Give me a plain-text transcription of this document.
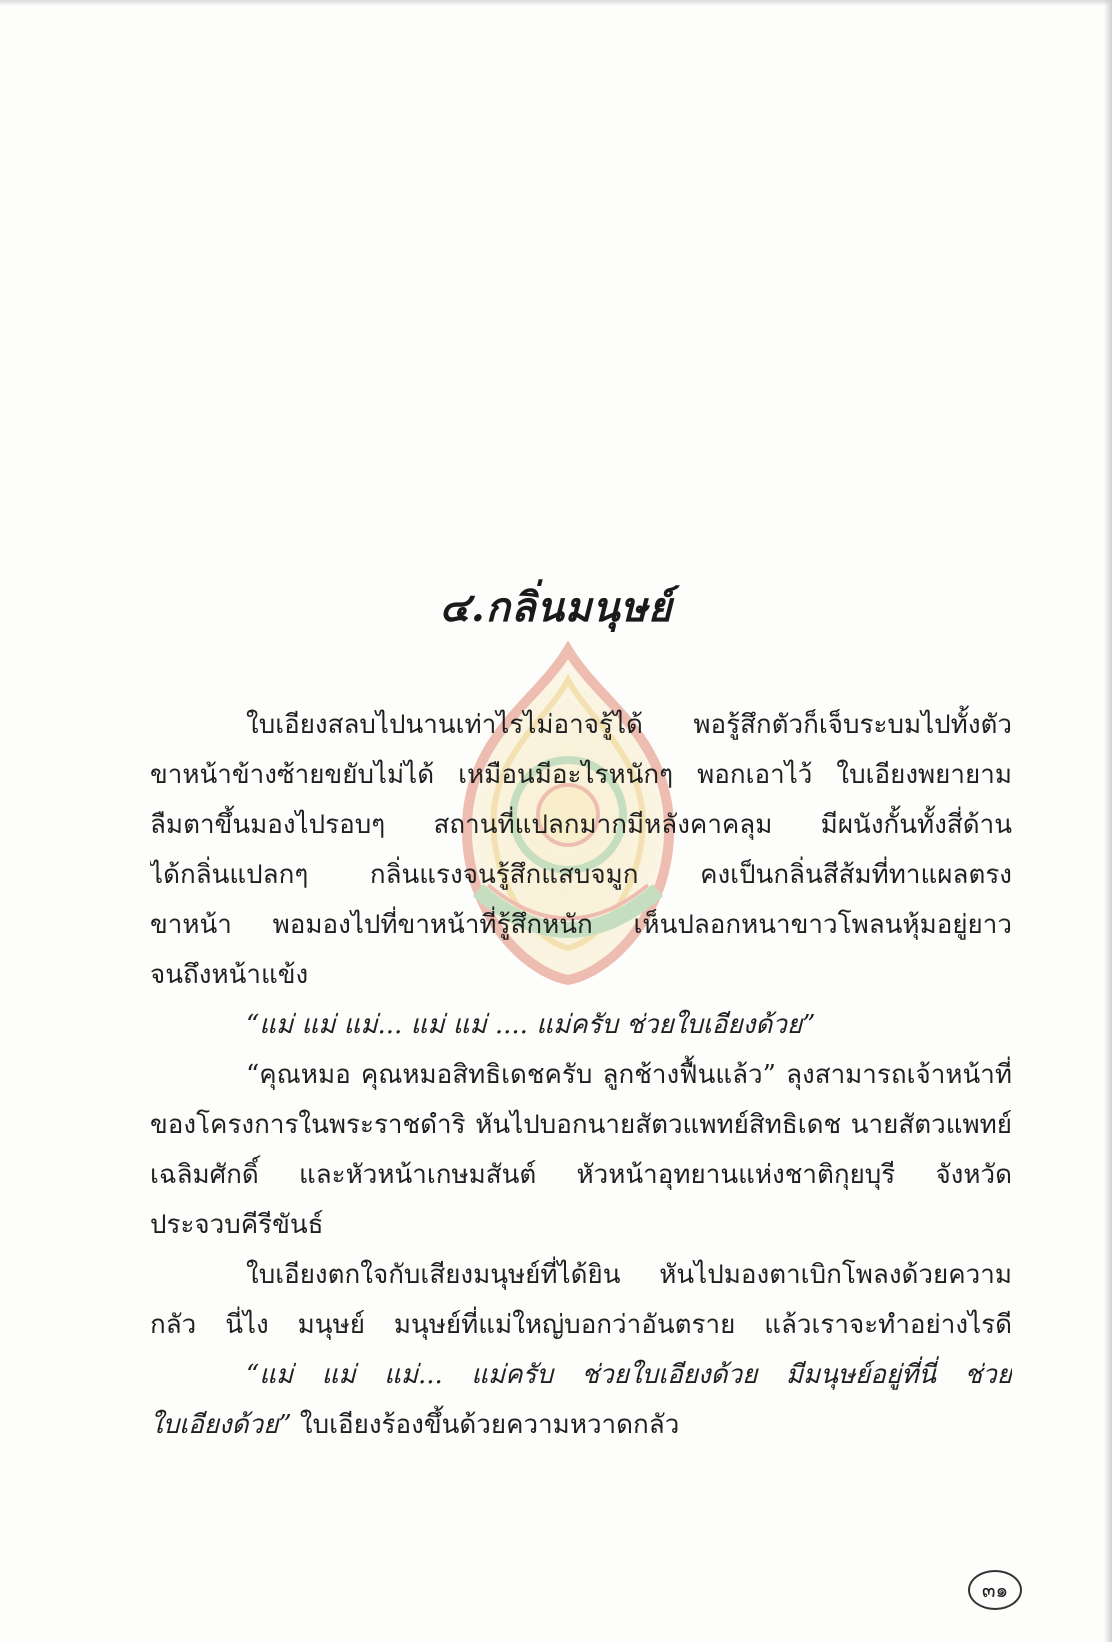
๔.กลิ่นมนุษย์
ใบเอียงสลบไปนานเท่าไรไม่อาจรู้ได้ พอรู้สึกตัวก็เจ็บระบมไปทั้งตัว
ขาหน้าข้างซ้ายขยับไม่ได้ เหมือนมีอะไรหนักๆ พอกเอาไว้ ใบเอียงพยายาม
ลืมตาขึ้นมองไปรอบๆ สถานที่แปลกมากมีหลังคาคลุม มีผนังกั้นทั้งสี่ด้าน
ได้กลิ่นแปลกๆ กลิ่นแรงจนรู้สึกแสบจมูก คงเป็นกลิ่นสีส้มที่ทาแผลตรง
ขาหน้า พอมองไปที่ขาหน้าที่รู้สึกหนัก เห็นปลอกหนาขาวโพลนหุ้มอยู่ยาว
จนถึงหน้าแข้ง
“แม่ แม่ แม่... แม่ แม่ .... แม่ครับ ช่วยใบเอียงด้วย”
“คุณหมอ คุณหมอสิทธิเดชครับ ลูกช้างฟื้นแล้ว” ลุงสามารถเจ้าหน้าที่
ของโครงการในพระราชดำริ หันไปบอกนายสัตวแพทย์สิทธิเดช นายสัตวแพทย์
เฉลิมศักดิ์ และหัวหน้าเกษมสันต์ หัวหน้าอุทยานแห่งชาติกุยบุรี จังหวัด
ประจวบคีรีขันธ์
ใบเอียงตกใจกับเสียงมนุษย์ที่ได้ยิน หันไปมองตาเบิกโพลงด้วยความ
กลัว นี่ไง มนุษย์ มนุษย์ที่แม่ใหญ่บอกว่าอันตราย แล้วเราจะทำอย่างไรดี
“แม่ แม่ แม่... แม่ครับ ช่วยใบเอียงด้วย มีมนุษย์อยู่ที่นี่ ช่วย
ใบเอียงด้วย” ใบเอียงร้องขึ้นด้วยความหวาดกลัว
๓๑
